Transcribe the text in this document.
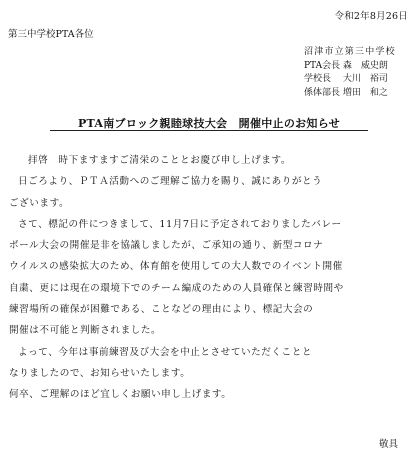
令和2年8月26日
第三中学校PTA各位
沼津市立第三中学校
PTA会長 森　威史朗
学校長　 大川　裕司
係体部長 増田　和之
PTA南ブロック親睦球技大会　開催中止のお知らせ
拝啓　時下ますますご清栄のこととお慶び申し上げます。
日ごろより、ＰＴＡ活動へのご理解ご協力を賜り、誠にありがとう
ございます。
さて、標記の件につきまして、11月7日に予定されておりましたバレー
ボール大会の開催是非を協議しましたが、ご承知の通り、新型コロナ
ウイルスの感染拡大のため、体育館を使用しての大人数でのイベント開催
自粛、更には現在の環境下でのチーム編成のための人員確保と練習時間や
練習場所の確保が困難である、ことなどの理由により、標記大会の
開催は不可能と判断されました。
よって、今年は事前練習及び大会を中止とさせていただくことと
なりましたので、お知らせいたします。
何卒、ご理解のほど宜しくお願い申し上げます。
敬具
